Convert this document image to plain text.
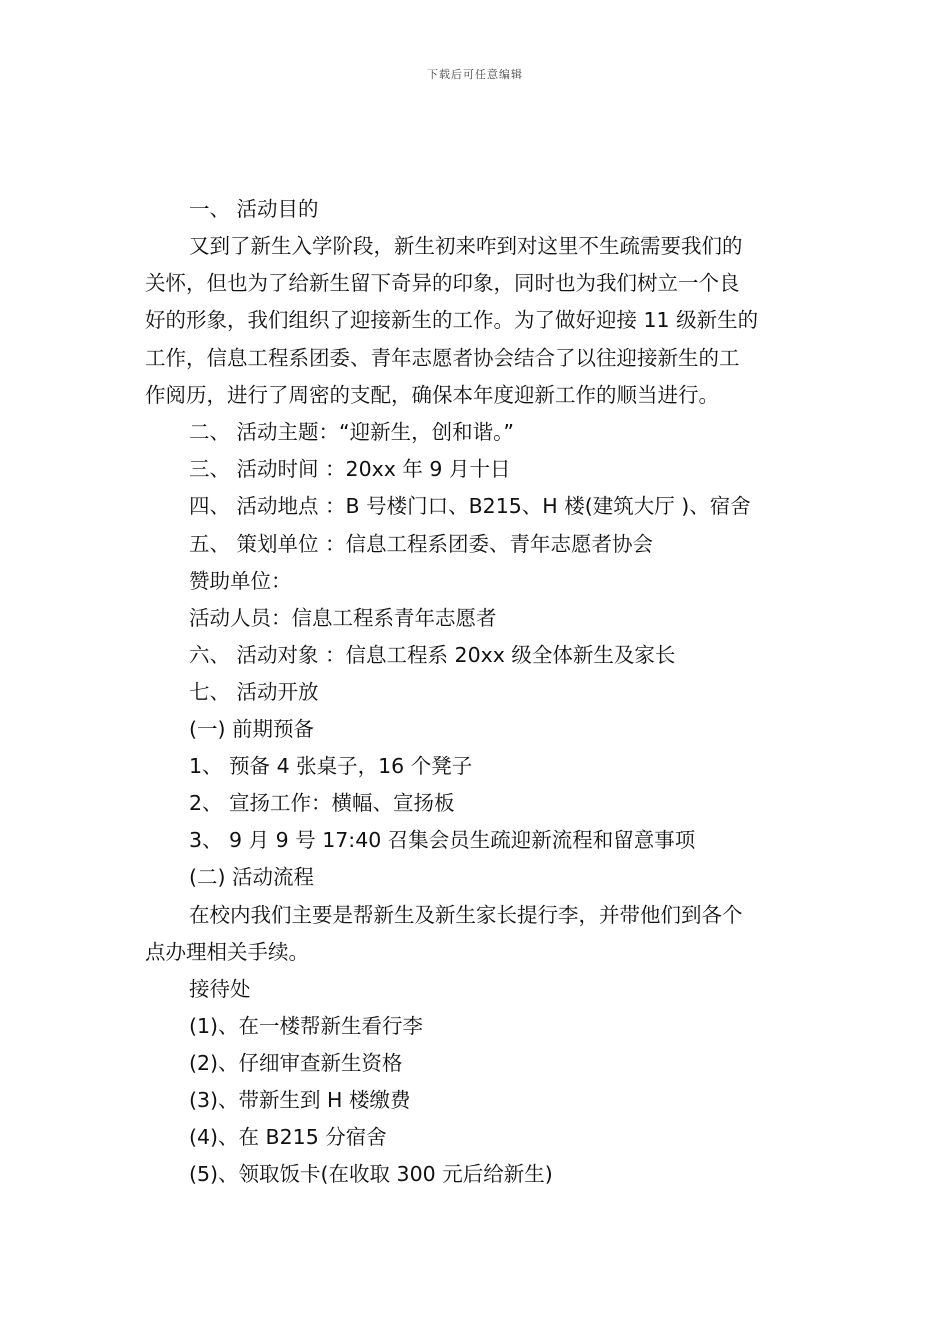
下载后可任意编辑
一、 活动目的
又到了新生入学阶段，新生初来咋到对这里不生疏需要我们的
关怀，但也为了给新生留下奇异的印象，同时也为我们树立一个良
好的形象，我们组织了迎接新生的工作。为了做好迎接 11 级新生的
工作，信息工程系团委、青年志愿者协会结合了以往迎接新生的工
作阅历，进行了周密的支配，确保本年度迎新工作的顺当进行。
二、 活动主题：“迎新生，创和谐。”
三、 活动时间 ：20xx 年 9 月十日
四、 活动地点 ：B 号楼门口、B215、H 楼(建筑大厅 )、宿舍
五、 策划单位 ：信息工程系团委、青年志愿者协会
赞助单位：
活动人员：信息工程系青年志愿者
六、 活动对象 ：信息工程系 20xx 级全体新生及家长
七、 活动开放
(一) 前期预备
1、 预备 4 张桌子，16 个凳子
2、 宣扬工作：横幅、宣扬板
3、 9 月 9 号 17:40 召集会员生疏迎新流程和留意事项
(二) 活动流程
在校内我们主要是帮新生及新生家长提行李，并带他们到各个
点办理相关手续。
接待处
(1)、在一楼帮新生看行李
(2)、仔细审查新生资格
(3)、带新生到 H 楼缴费
(4)、在 B215 分宿舍
(5)、领取饭卡(在收取 300 元后给新生)
